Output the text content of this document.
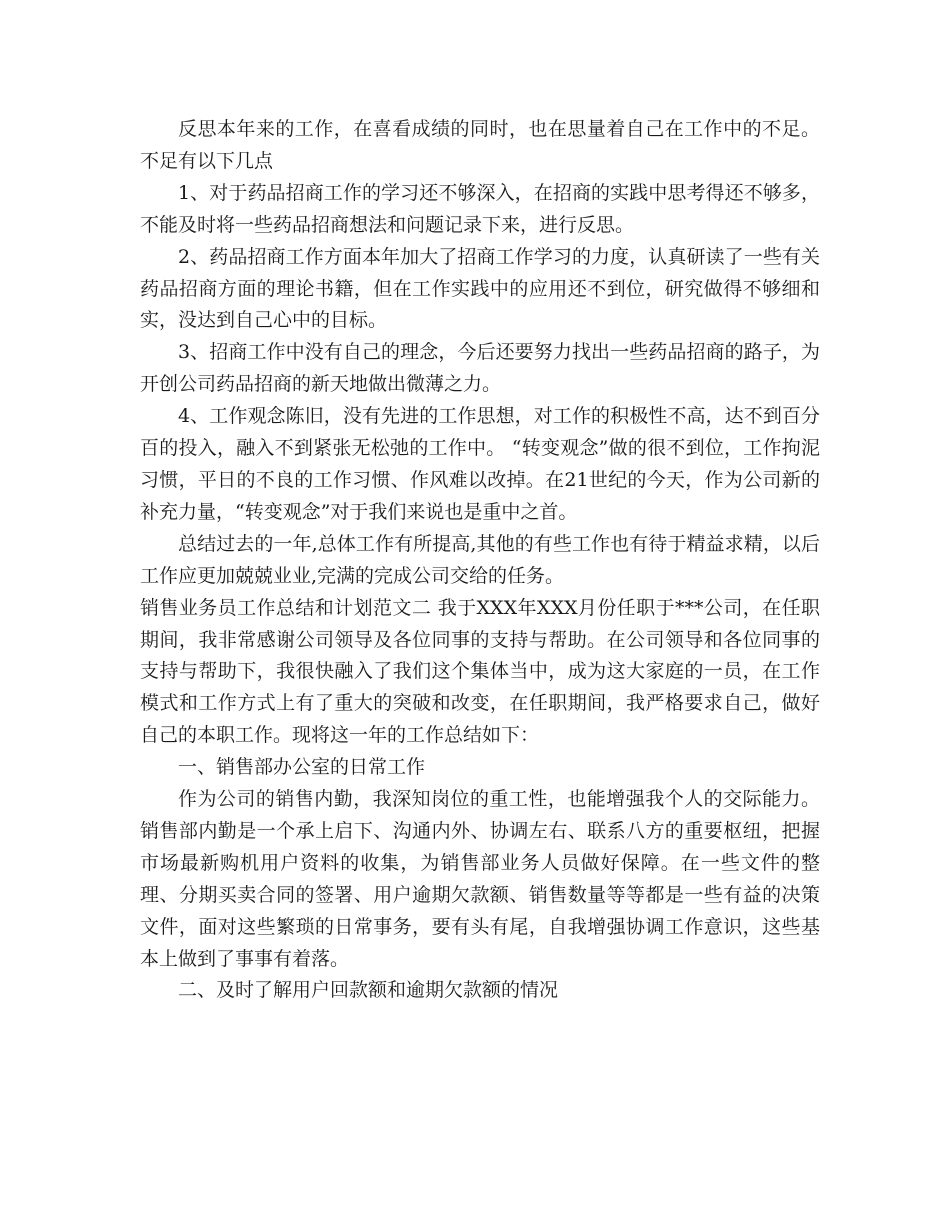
反思本年来的工作，在喜看成绩的同时，也在思量着自己在工作中的不足。不足有以下几点

1、对于药品招商工作的学习还不够深入，在招商的实践中思考得还不够多，不能及时将一些药品招商想法和问题记录下来，进行反思。

2、药品招商工作方面本年加大了招商工作学习的力度，认真研读了一些有关药品招商方面的理论书籍，但在工作实践中的应用还不到位，研究做得不够细和实，没达到自己心中的目标。

3、招商工作中没有自己的理念，今后还要努力找出一些药品招商的路子，为开创公司药品招商的新天地做出微薄之力。

4、工作观念陈旧，没有先进的工作思想，对工作的积极性不高，达不到百分百的投入，融入不到紧张无松弛的工作中。 “转变观念”做的很不到位，工作拘泥习惯，平日的不良的工作习惯、作风难以改掉。在21世纪的今天，作为公司新的补充力量，“转变观念”对于我们来说也是重中之首。

总结过去的一年,总体工作有所提高,其他的有些工作也有待于精益求精，以后工作应更加兢兢业业,完满的完成公司交给的任务。

销售业务员工作总结和计划范文二 我于XXX年XXX月份任职于***公司，在任职期间，我非常感谢公司领导及各位同事的支持与帮助。在公司领导和各位同事的支持与帮助下，我很快融入了我们这个集体当中，成为这大家庭的一员，在工作模式和工作方式上有了重大的突破和改变，在任职期间，我严格要求自己，做好自己的本职工作。现将这一年的工作总结如下：

一、销售部办公室的日常工作

作为公司的销售内勤，我深知岗位的重工性，也能增强我个人的交际能力。销售部内勤是一个承上启下、沟通内外、协调左右、联系八方的重要枢纽，把握市场最新购机用户资料的收集，为销售部业务人员做好保障。在一些文件的整理、分期买卖合同的签署、用户逾期欠款额、销售数量等等都是一些有益的决策文件，面对这些繁琐的日常事务，要有头有尾，自我增强协调工作意识，这些基本上做到了事事有着落。

二、及时了解用户回款额和逾期欠款额的情况
